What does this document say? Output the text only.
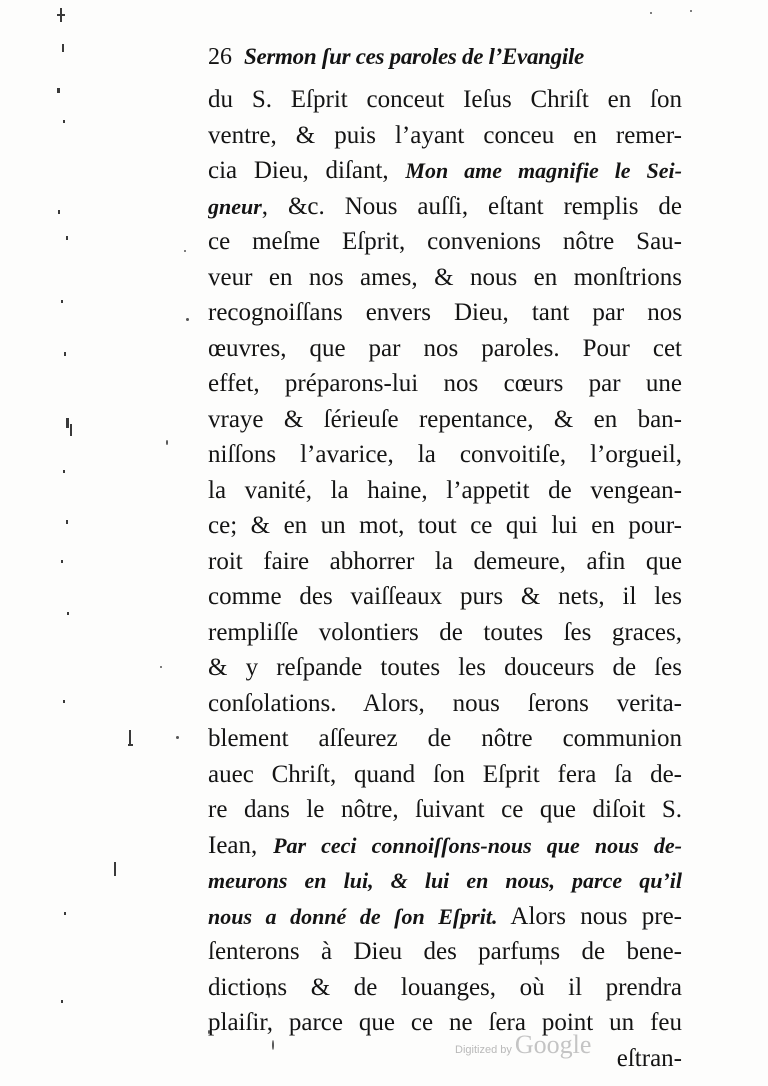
26 Sermon ſur ces paroles de l’Evangile
du S. Eſprit conceut Ieſus Chriſt en ſon
ventre, & puis l’ayant conceu en remer-
cia Dieu, diſant, Mon ame magnifie le Sei-
gneur, &c. Nous auſſi, eſtant remplis de
ce meſme Eſprit, convenions nôtre Sau-
veur en nos ames, & nous en monſtrions
recognoiſſans envers Dieu, tant par nos
œuvres, que par nos paroles. Pour cet
effet, préparons-lui nos cœurs par une
vraye & ſérieuſe repentance, & en ban-
niſſons l’avarice, la convoitiſe, l’orgueil,
la vanité, la haine, l’appetit de vengean-
ce; & en un mot, tout ce qui lui en pour-
roit faire abhorrer la demeure, afin que
comme des vaiſſeaux purs & nets, il les
rempliſſe volontiers de toutes ſes graces,
& y reſpande toutes les douceurs de ſes
conſolations. Alors, nous ſerons verita-
blement aſſeurez de nôtre communion
auec Chriſt, quand ſon Eſprit fera ſa de-
re dans le nôtre, ſuivant ce que diſoit S.
Iean, Par ceci connoiſſons-nous que nous de-
meurons en lui, & lui en nous, parce qu’il
nous a donné de ſon Eſprit. Alors nous pre-
ſenterons à Dieu des parfums de bene-
dictions & de louanges, où il prendra
plaiſir, parce que ce ne ſera point un feu
eſtran-
Digitized by Google
